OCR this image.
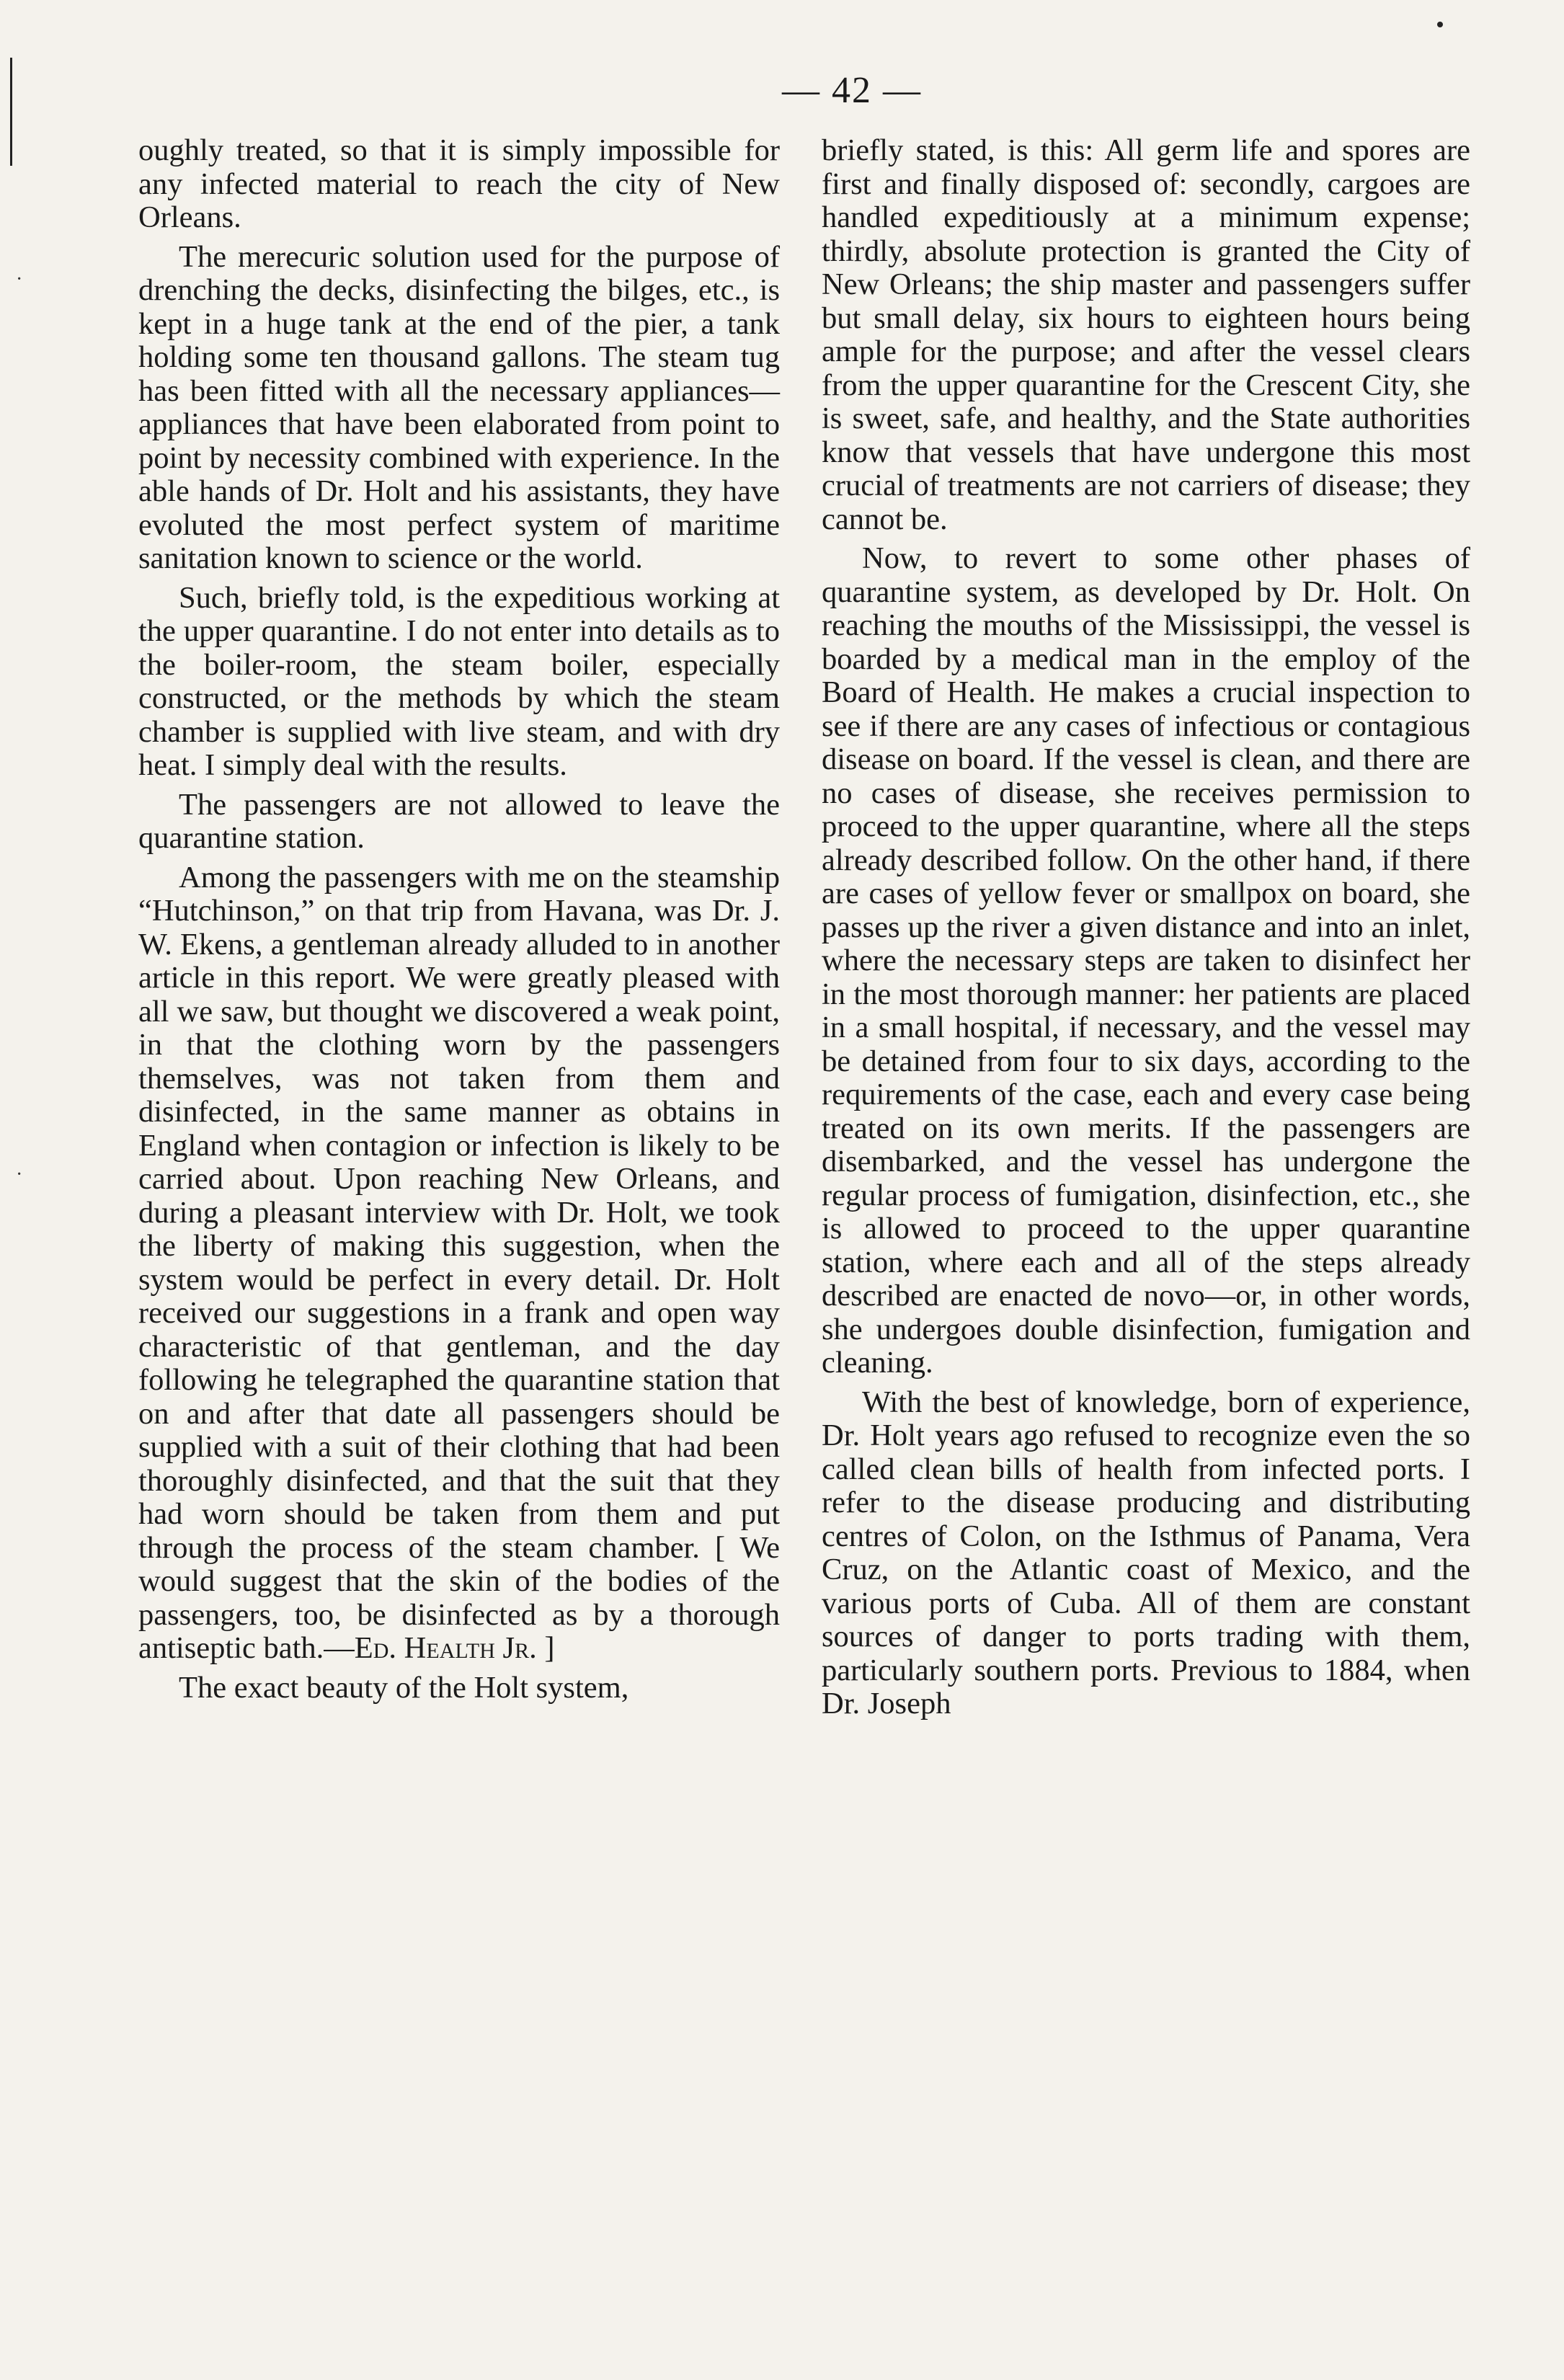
·
·
— 42 —

oughly treated, so that it is simply impossible for any infected material to reach the city of New Orleans.

The merecuric solution used for the purpose of drenching the decks, disinfecting the bilges, etc., is kept in a huge tank at the end of the pier, a tank holding some ten thousand gallons. The steam tug has been fitted with all the necessary appliances—appliances that have been elaborated from point to point by necessity combined with experience. In the able hands of Dr. Holt and his assistants, they have evoluted the most perfect system of maritime sanitation known to science or the world.

Such, briefly told, is the expeditious working at the upper quarantine. I do not enter into details as to the boiler-room, the steam boiler, especially constructed, or the methods by which the steam chamber is supplied with live steam, and with dry heat. I simply deal with the results.

The passengers are not allowed to leave the quarantine station.

Among the passengers with me on the steamship “Hutchinson,” on that trip from Havana, was Dr. J. W. Ekens, a gentleman already alluded to in another article in this report. We were greatly pleased with all we saw, but thought we discovered a weak point, in that the clothing worn by the passengers themselves, was not taken from them and disinfected, in the same manner as obtains in England when contagion or infection is likely to be carried about. Upon reaching New Orleans, and during a pleasant interview with Dr. Holt, we took the liberty of making this suggestion, when the system would be perfect in every detail. Dr. Holt received our suggestions in a frank and open way characteristic of that gentleman, and the day following he telegraphed the quarantine station that on and after that date all passengers should be supplied with a suit of their clothing that had been thoroughly disinfected, and that the suit that they had worn should be taken from them and put through the process of the steam chamber. [ We would suggest that the skin of the bodies of the passengers, too, be disinfected as by a thorough antiseptic bath.—Ed. Health Jr. ]

The exact beauty of the Holt system,

briefly stated, is this: All germ life and spores are first and finally disposed of: secondly, cargoes are handled expeditiously at a minimum expense; thirdly, absolute protection is granted the City of New Orleans; the ship master and passengers suffer but small delay, six hours to eighteen hours being ample for the purpose; and after the vessel clears from the upper quarantine for the Crescent City, she is sweet, safe, and healthy, and the State authorities know that vessels that have undergone this most crucial of treatments are not carriers of disease; they cannot be.

Now, to revert to some other phases of quarantine system, as developed by Dr. Holt. On reaching the mouths of the Mississippi, the vessel is boarded by a medical man in the employ of the Board of Health. He makes a crucial inspection to see if there are any cases of infectious or contagious disease on board. If the vessel is clean, and there are no cases of disease, she receives permission to proceed to the upper quarantine, where all the steps already described follow. On the other hand, if there are cases of yellow fever or smallpox on board, she passes up the river a given distance and into an inlet, where the necessary steps are taken to disinfect her in the most thorough manner: her patients are placed in a small hospital, if necessary, and the vessel may be detained from four to six days, according to the requirements of the case, each and every case being treated on its own merits. If the passengers are disembarked, and the vessel has undergone the regular process of fumigation, disinfection, etc., she is allowed to proceed to the upper quarantine station, where each and all of the steps already described are enacted de novo—or, in other words, she undergoes double disinfection, fumigation and cleaning.

With the best of knowledge, born of experience, Dr. Holt years ago refused to recognize even the so called clean bills of health from infected ports. I refer to the disease producing and distributing centres of Colon, on the Isthmus of Panama, Vera Cruz, on the Atlantic coast of Mexico, and the various ports of Cuba. All of them are constant sources of danger to ports trading with them, particularly southern ports. Previous to 1884, when Dr. Joseph
